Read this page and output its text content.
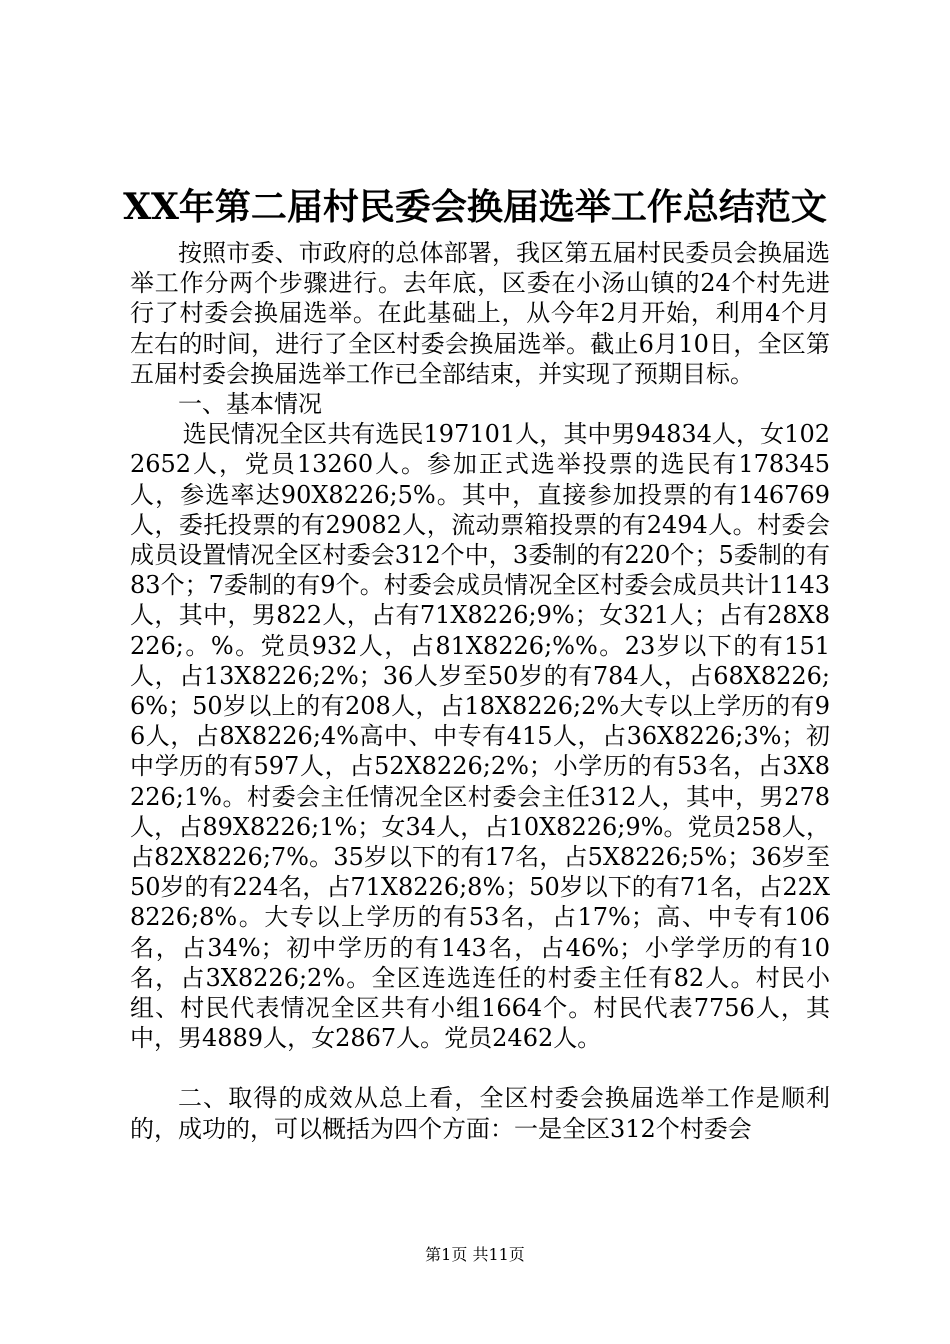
XX年第二届村民委会换届选举工作总结范文

按照市委、市政府的总体部署，我区第五届村民委员会换届选举工作分两个步骤进行。去年底，区委在小汤山镇的24个村先进行了村委会换届选举。在此基础上，从今年2月开始，利用4个月左右的时间，进行了全区村委会换届选举。截止6月10日，全区第五届村委会换届选举工作已全部结束，并实现了预期目标。

一、基本情况

选民情况全区共有选民197101人，其中男94834人，女1022652人，党员13260人。参加正式选举投票的选民有178345人，参选率达90X8226;5%。其中，直接参加投票的有146769人，委托投票的有29082人，流动票箱投票的有2494人。村委会成员设置情况全区村委会312个中，3委制的有220个；5委制的有83个；7委制的有9个。村委会成员情况全区村委会成员共计1143人，其中，男822人，占有71X8226;9%；女321人；占有28X8226;。%。党员932人，占81X8226;%%。23岁以下的有151人，占13X8226;2%；36人岁至50岁的有784人，占68X8226;6%；50岁以上的有208人，占18X8226;2%大专以上学历的有96人，占8X8226;4%高中、中专有415人，占36X8226;3%；初中学历的有597人，占52X8226;2%；小学历的有53名，占3X8226;1%。村委会主任情况全区村委会主任312人，其中，男278人，占89X8226;1%；女34人，占10X8226;9%。党员258人，占82X8226;7%。35岁以下的有17名，占5X8226;5%；36岁至50岁的有224名，占71X8226;8%；50岁以下的有71名，占22X8226;8%。大专以上学历的有53名，占17%；高、中专有106名，占34%；初中学历的有143名，占46%；小学学历的有10名，占3X8226;2%。全区连选连任的村委主任有82人。村民小组、村民代表情况全区共有小组1664个。村民代表7756人，其中，男4889人，女2867人。党员2462人。

二、取得的成效从总上看，全区村委会换届选举工作是顺利的，成功的，可以概括为四个方面：一是全区312个村委会

第1页 共11页
